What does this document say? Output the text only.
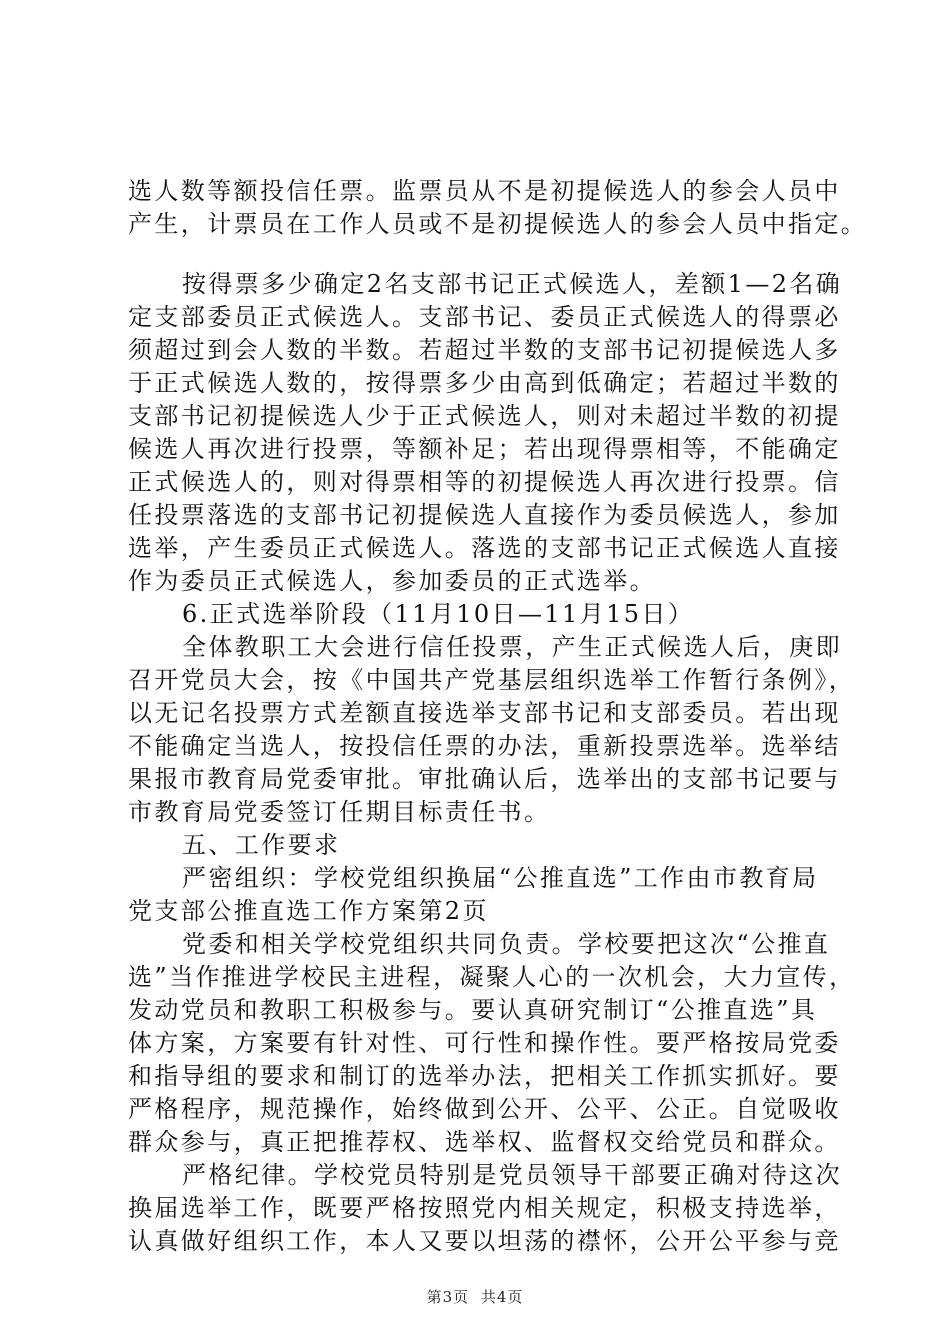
选人数等额投信任票。监票员从不是初提候选人的参会人员中
产生，计票员在工作人员或不是初提候选人的参会人员中指定。
按得票多少确定2名支部书记正式候选人，差额1—2名确
定支部委员正式候选人。支部书记、委员正式候选人的得票必
须超过到会人数的半数。若超过半数的支部书记初提候选人多
于正式候选人数的，按得票多少由高到低确定；若超过半数的
支部书记初提候选人少于正式候选人，则对未超过半数的初提
候选人再次进行投票，等额补足；若出现得票相等，不能确定
正式候选人的，则对得票相等的初提候选人再次进行投票。信
任投票落选的支部书记初提候选人直接作为委员候选人，参加
选举，产生委员正式候选人。落选的支部书记正式候选人直接
作为委员正式候选人，参加委员的正式选举。
6.正式选举阶段（11月10日—11月15日）
全体教职工大会进行信任投票，产生正式候选人后，庚即
召开党员大会，按《中国共产党基层组织选举工作暂行条例》，
以无记名投票方式差额直接选举支部书记和支部委员。若出现
不能确定当选人，按投信任票的办法，重新投票选举。选举结
果报市教育局党委审批。审批确认后，选举出的支部书记要与
市教育局党委签订任期目标责任书。
五、工作要求
严密组织：学校党组织换届“公推直选”工作由市教育局
党支部公推直选工作方案第2页
党委和相关学校党组织共同负责。学校要把这次“公推直
选”当作推进学校民主进程，凝聚人心的一次机会，大力宣传，
发动党员和教职工积极参与。要认真研究制订“公推直选”具
体方案，方案要有针对性、可行性和操作性。要严格按局党委
和指导组的要求和制订的选举办法，把相关工作抓实抓好。要
严格程序，规范操作，始终做到公开、公平、公正。自觉吸收
群众参与，真正把推荐权、选举权、监督权交给党员和群众。
严格纪律。学校党员特别是党员领导干部要正确对待这次
换届选举工作，既要严格按照党内相关规定，积极支持选举，
认真做好组织工作，本人又要以坦荡的襟怀，公开公平参与竞
第3页 共4页
